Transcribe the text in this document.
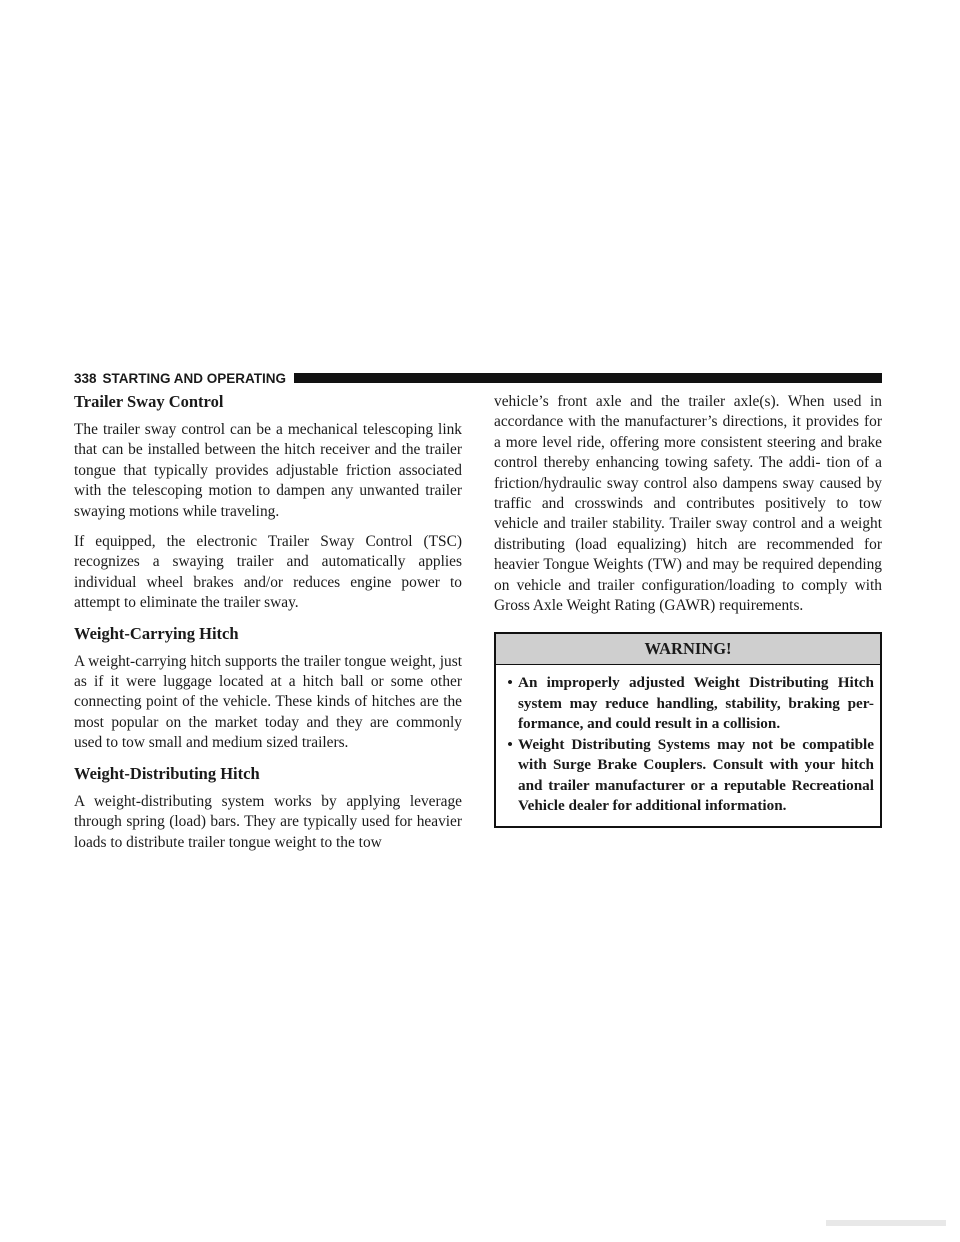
338 STARTING AND OPERATING
Trailer Sway Control

The trailer sway control can be a mechanical telescoping link that can be installed between the hitch receiver and the trailer tongue that typically provides adjustable friction associated with the telescoping motion to dampen any unwanted trailer swaying motions while traveling.

If equipped, the electronic Trailer Sway Control (TSC) recognizes a swaying trailer and automatically applies individual wheel brakes and/or reduces engine power to attempt to eliminate the trailer sway.

Weight-Carrying Hitch

A weight-carrying hitch supports the trailer tongue weight, just as if it were luggage located at a hitch ball or some other connecting point of the vehicle. These kinds of hitches are the most popular on the market today and they are commonly used to tow small and medium sized trailers.

Weight-Distributing Hitch

A weight-distributing system works by applying leverage through spring (load) bars. They are typically used for heavier loads to distribute trailer tongue weight to the tow

vehicle’s front axle and the trailer axle(s). When used in accordance with the manufacturer’s directions, it provides for a more level ride, offering more consistent steering and brake control thereby enhancing towing safety. The addi- tion of a friction/hydraulic sway control also dampens sway caused by traffic and crosswinds and contributes positively to tow vehicle and trailer stability. Trailer sway control and a weight distributing (load equalizing) hitch are recommended for heavier Tongue Weights (TW) and may be required depending on vehicle and trailer configuration/loading to comply with Gross Axle Weight Rating (GAWR) requirements.

WARNING!
• An improperly adjusted Weight Distributing Hitch system may reduce handling, stability, braking per- formance, and could result in a collision.
• Weight Distributing Systems may not be compatible with Surge Brake Couplers. Consult with your hitch and trailer manufacturer or a reputable Recreational Vehicle dealer for additional information.
